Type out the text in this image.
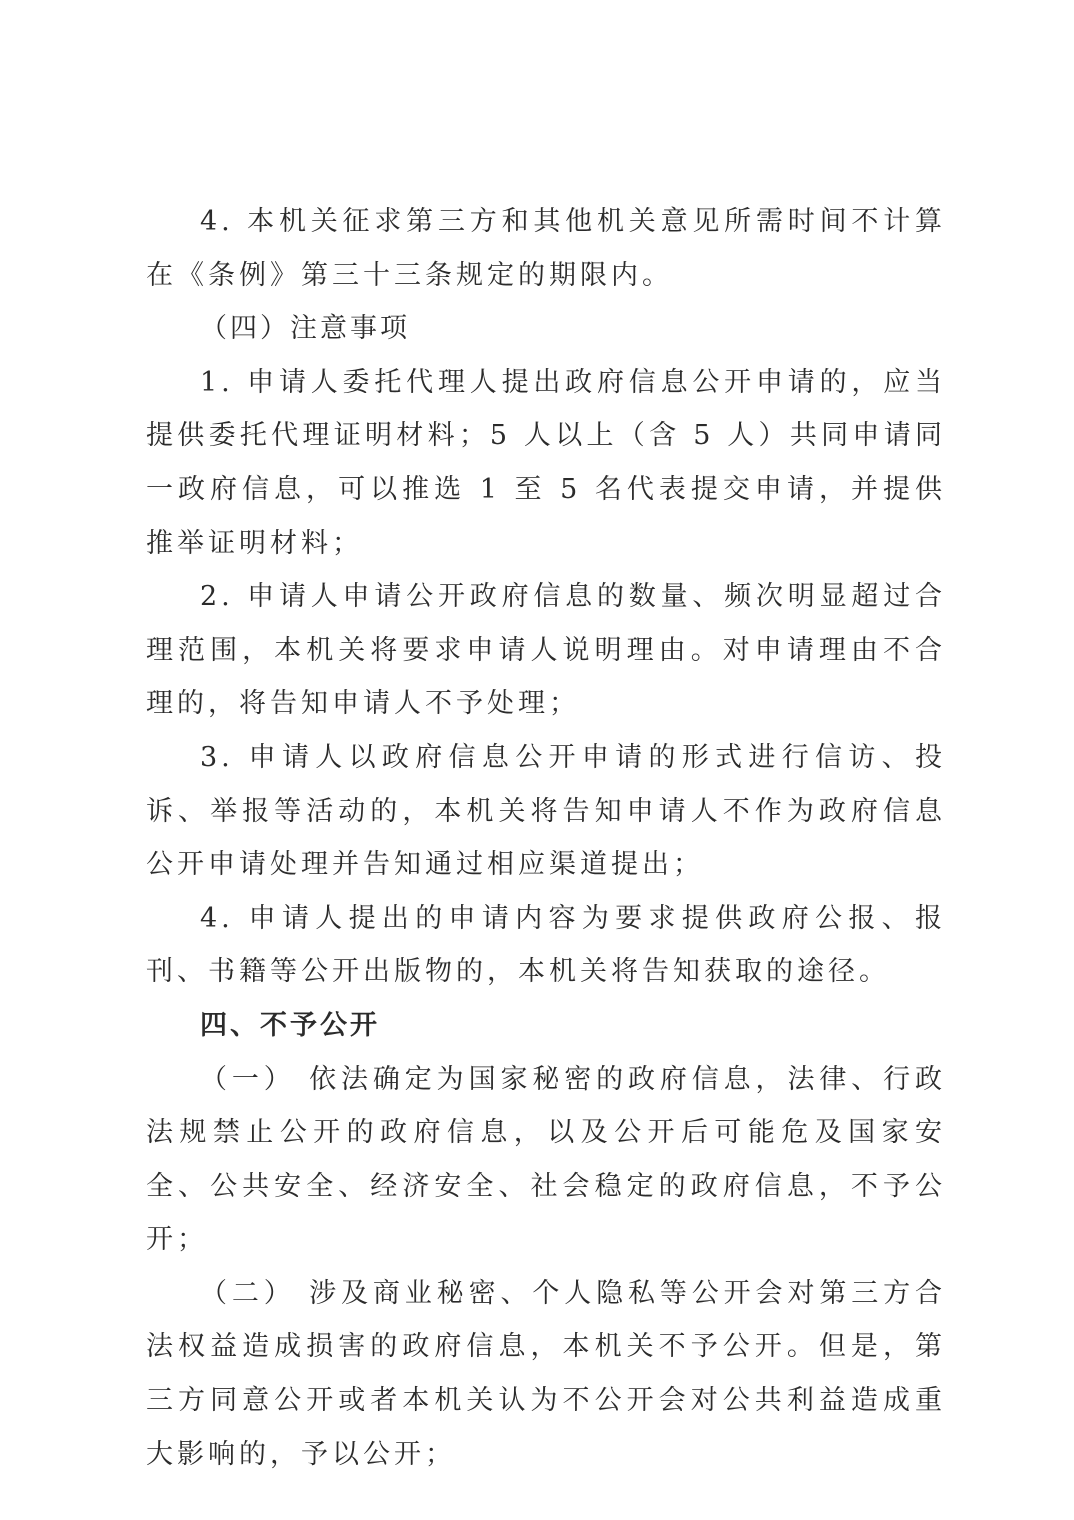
4. 本机关征求第三方和其他机关意见所需时间不计算在《条例》第三十三条规定的期限内。

（四）注意事项

1. 申请人委托代理人提出政府信息公开申请的，应当提供委托代理证明材料；5 人以上（含 5 人）共同申请同一政府信息，可以推选 1 至 5 名代表提交申请，并提供推举证明材料；

2. 申请人申请公开政府信息的数量、频次明显超过合理范围，本机关将要求申请人说明理由。对申请理由不合理的，将告知申请人不予处理；

3. 申请人以政府信息公开申请的形式进行信访、投诉、举报等活动的，本机关将告知申请人不作为政府信息公开申请处理并告知通过相应渠道提出；

4. 申请人提出的申请内容为要求提供政府公报、报刊、书籍等公开出版物的，本机关将告知获取的途径。

四、不予公开

（一） 依法确定为国家秘密的政府信息，法律、行政法规禁止公开的政府信息，以及公开后可能危及国家安全、公共安全、经济安全、社会稳定的政府信息，不予公开；

（二） 涉及商业秘密、个人隐私等公开会对第三方合法权益造成损害的政府信息，本机关不予公开。但是，第三方同意公开或者本机关认为不公开会对公共利益造成重大影响的，予以公开；
